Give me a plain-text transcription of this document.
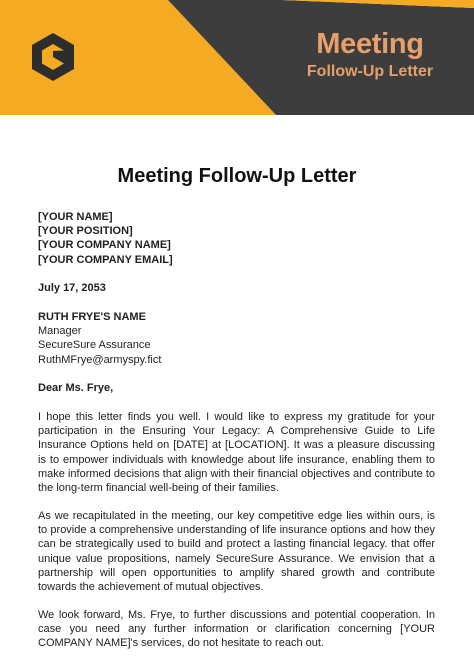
Meeting
Follow-Up Letter
Meeting Follow-Up Letter
[YOUR NAME]
[YOUR POSITION]
[YOUR COMPANY NAME]
[YOUR COMPANY EMAIL]
July 17, 2053
RUTH FRYE'S NAME
Manager
SecureSure Assurance
RuthMFrye@armyspy.fict
Dear Ms. Frye,
I hope this letter finds you well. I would like to express my gratitude for your participation in the Ensuring Your Legacy: A Comprehensive Guide to Life Insurance Options held on [DATE] at [LOCATION]. It was a pleasure discussing is to empower individuals with knowledge about life insurance, enabling them to make informed decisions that align with their financial objectives and contribute to the long-term financial well-being of their families.
As we recapitulated in the meeting, our key competitive edge lies within ours, is to provide a comprehensive understanding of life insurance options and how they can be strategically used to build and protect a lasting financial legacy. that offer unique value propositions, namely SecureSure Assurance. We envision that a partnership will open opportunities to amplify shared growth and contribute towards the achievement of mutual objectives.
We look forward, Ms. Frye, to further discussions and potential cooperation. In case you need any further information or clarification concerning [YOUR COMPANY NAME]'s services, do not hesitate to reach out.
